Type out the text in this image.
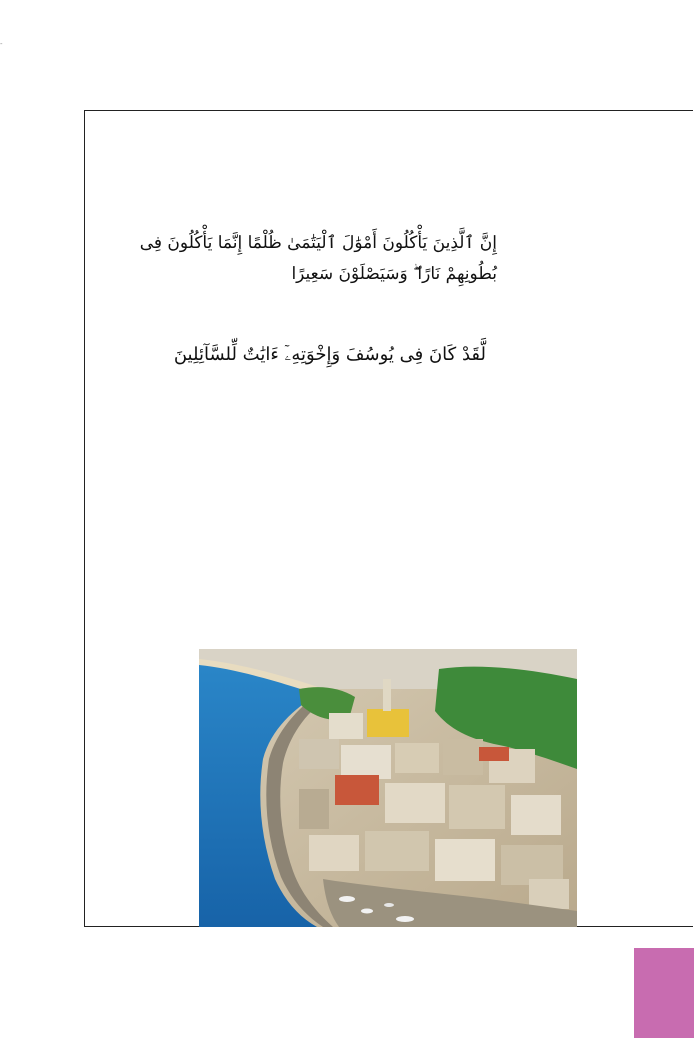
-
إِنَّ ٱلَّذِينَ يَأْكُلُونَ أَمْوَٰلَ ٱلْيَتَٰمَىٰ ظُلْمًا إِنَّمَا يَأْكُلُونَ فِى
بُطُونِهِمْ نَارًا ۖ وَسَيَصْلَوْنَ سَعِيرًا
لَّقَدْ كَانَ فِى يُوسُفَ وَإِخْوَتِهِۦٓ ءَايَٰتٌ لِّلسَّآئِلِينَ
